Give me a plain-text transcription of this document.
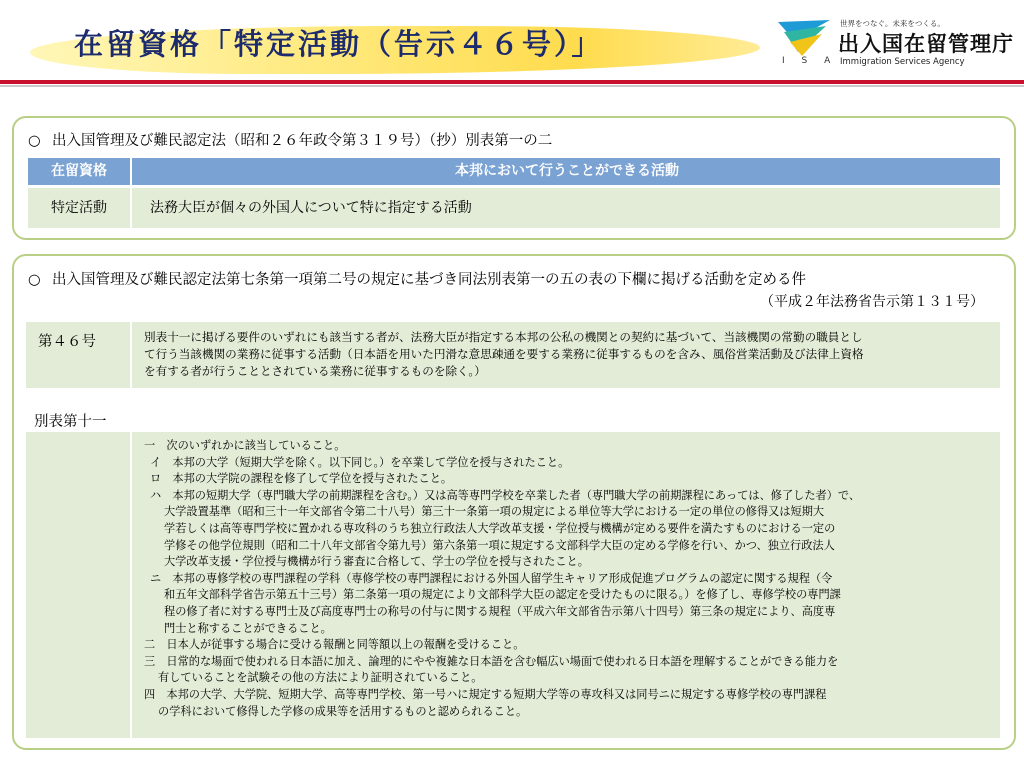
在留資格「特定活動（告示４６号）」	I S A
世界をつなぐ。未来をつくる。
出入国在留管理庁
Immigration Services Agency
○ 出入国管理及び難民認定法（昭和２６年政令第３１９号）（抄）別表第一の二
在留資格	本邦において行うことができる活動
特定活動	法務大臣が個々の外国人について特に指定する活動
○ 出入国管理及び難民認定法第七条第一項第二号の規定に基づき同法別表第一の五の表の下欄に掲げる活動を定める件
（平成２年法務省告示第１３１号）
第４６号	別表十一に掲げる要件のいずれにも該当する者が、法務大臣が指定する本邦の公私の機関との契約に基づいて、当該機関の常勤の職員とし
て行う当該機関の業務に従事する活動（日本語を用いた円滑な意思疎通を要する業務に従事するものを含み、風俗営業活動及び法律上資格
を有する者が行うこととされている業務に従事するものを除く。）
別表第十一
一　次のいずれかに該当していること。
イ　本邦の大学（短期大学を除く。以下同じ。）を卒業して学位を授与されたこと。
ロ　本邦の大学院の課程を修了して学位を授与されたこと。
ハ　本邦の短期大学（専門職大学の前期課程を含む。）又は高等専門学校を卒業した者（専門職大学の前期課程にあっては、修了した者）で、
大学設置基準（昭和三十一年文部省令第二十八号）第三十一条第一項の規定による単位等大学における一定の単位の修得又は短期大
学若しくは高等専門学校に置かれる専攻科のうち独立行政法人大学改革支援・学位授与機構が定める要件を満たすものにおける一定の
学修その他学位規則（昭和二十八年文部省令第九号）第六条第一項に規定する文部科学大臣の定める学修を行い、かつ、独立行政法人
大学改革支援・学位授与機構が行う審査に合格して、学士の学位を授与されたこと。
ニ　本邦の専修学校の専門課程の学科（専修学校の専門課程における外国人留学生キャリア形成促進プログラムの認定に関する規程（令
和五年文部科学省告示第五十三号）第二条第一項の規定により文部科学大臣の認定を受けたものに限る。）を修了し、専修学校の専門課
程の修了者に対する専門士及び高度専門士の称号の付与に関する規程（平成六年文部省告示第八十四号）第三条の規定により、高度専
門士と称することができること。
二　日本人が従事する場合に受ける報酬と同等額以上の報酬を受けること。
三　日常的な場面で使われる日本語に加え、論理的にやや複雑な日本語を含む幅広い場面で使われる日本語を理解することができる能力を
有していることを試験その他の方法により証明されていること。
四　本邦の大学、大学院、短期大学、高等専門学校、第一号ハに規定する短期大学等の専攻科又は同号ニに規定する専修学校の専門課程
の学科において修得した学修の成果等を活用するものと認められること。
